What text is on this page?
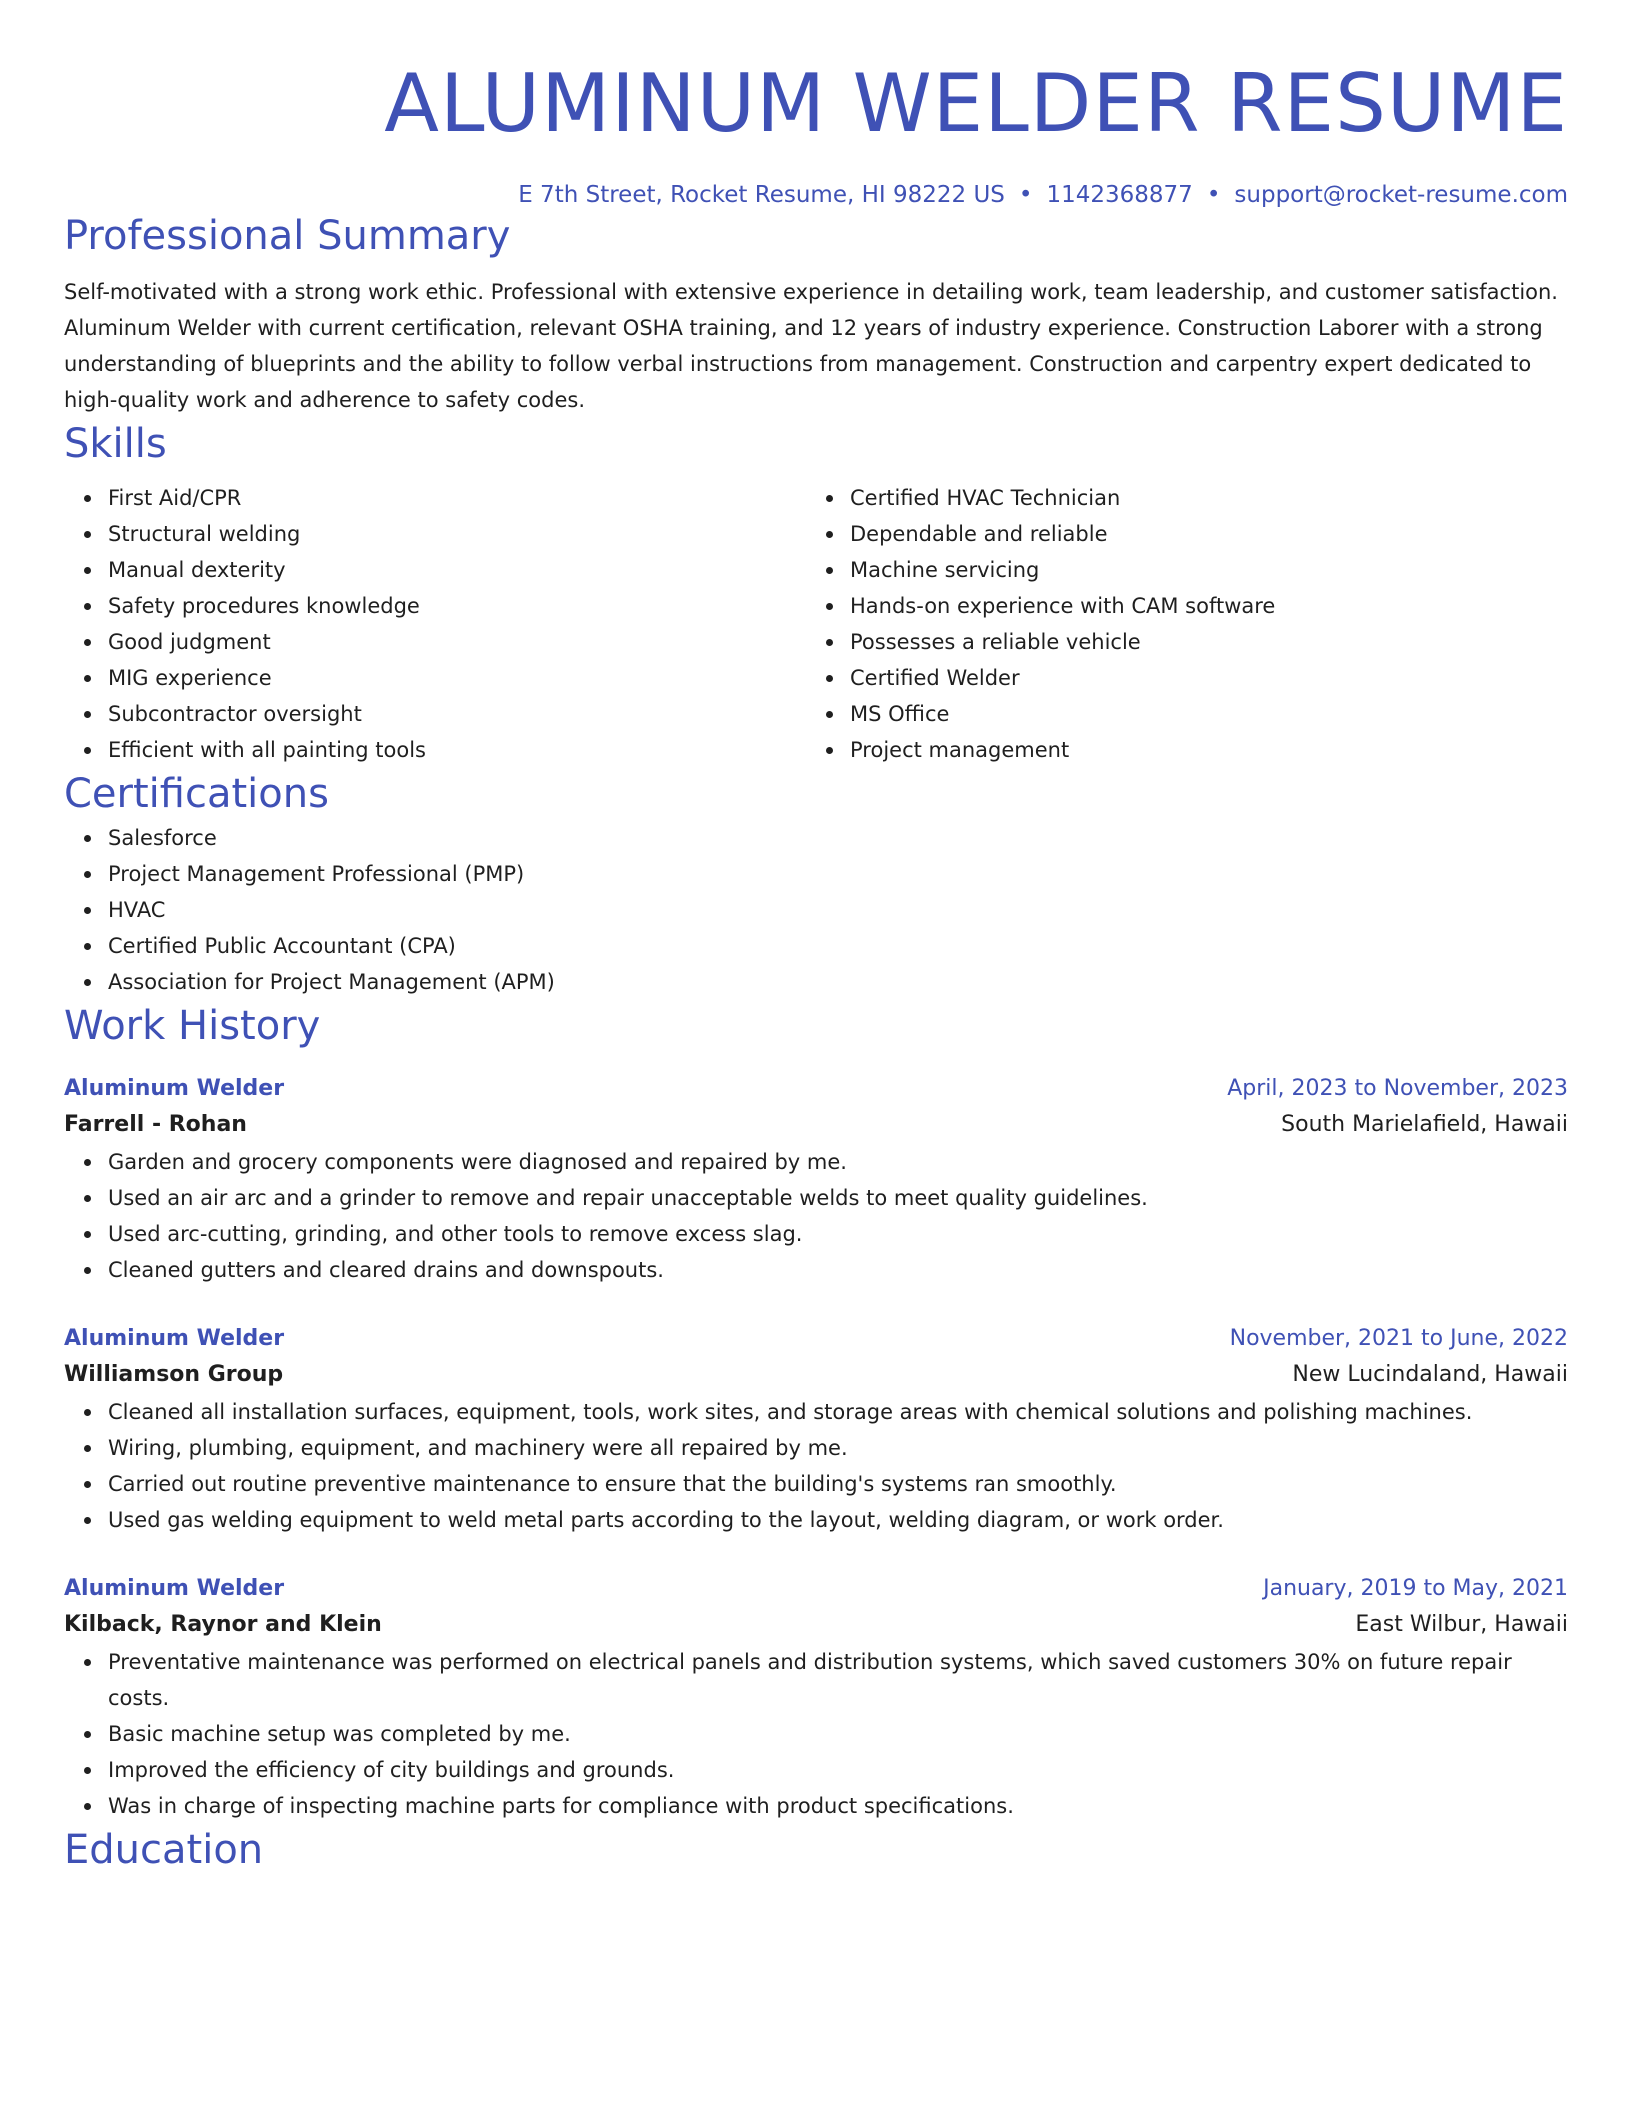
ALUMINUM WELDER RESUME
E 7th Street, Rocket Resume, HI 98222 US • 1142368877 • support@rocket-resume.com
Professional Summary
Self-motivated with a strong work ethic. Professional with extensive experience in detailing work, team leadership, and customer satisfaction. Aluminum Welder with current certification, relevant OSHA training, and 12 years of industry experience. Construction Laborer with a strong understanding of blueprints and the ability to follow verbal instructions from management. Construction and carpentry expert dedicated to high-quality work and adherence to safety codes.
Skills
First Aid/CPR
Structural welding
Manual dexterity
Safety procedures knowledge
Good judgment
MIG experience
Subcontractor oversight
Efficient with all painting tools
Certified HVAC Technician
Dependable and reliable
Machine servicing
Hands-on experience with CAM software
Possesses a reliable vehicle
Certified Welder
MS Office
Project management
Certifications
Salesforce
Project Management Professional (PMP)
HVAC
Certified Public Accountant (CPA)
Association for Project Management (APM)
Work History
Aluminum Welder	April, 2023 to November, 2023
Farrell - Rohan	South Marielafield, Hawaii
Garden and grocery components were diagnosed and repaired by me.
Used an air arc and a grinder to remove and repair unacceptable welds to meet quality guidelines.
Used arc-cutting, grinding, and other tools to remove excess slag.
Cleaned gutters and cleared drains and downspouts.
Aluminum Welder	November, 2021 to June, 2022
Williamson Group	New Lucindaland, Hawaii
Cleaned all installation surfaces, equipment, tools, work sites, and storage areas with chemical solutions and polishing machines.
Wiring, plumbing, equipment, and machinery were all repaired by me.
Carried out routine preventive maintenance to ensure that the building's systems ran smoothly.
Used gas welding equipment to weld metal parts according to the layout, welding diagram, or work order.
Aluminum Welder	January, 2019 to May, 2021
Kilback, Raynor and Klein	East Wilbur, Hawaii
Preventative maintenance was performed on electrical panels and distribution systems, which saved customers 30% on future repair costs.
Basic machine setup was completed by me.
Improved the efficiency of city buildings and grounds.
Was in charge of inspecting machine parts for compliance with product specifications.
Education
